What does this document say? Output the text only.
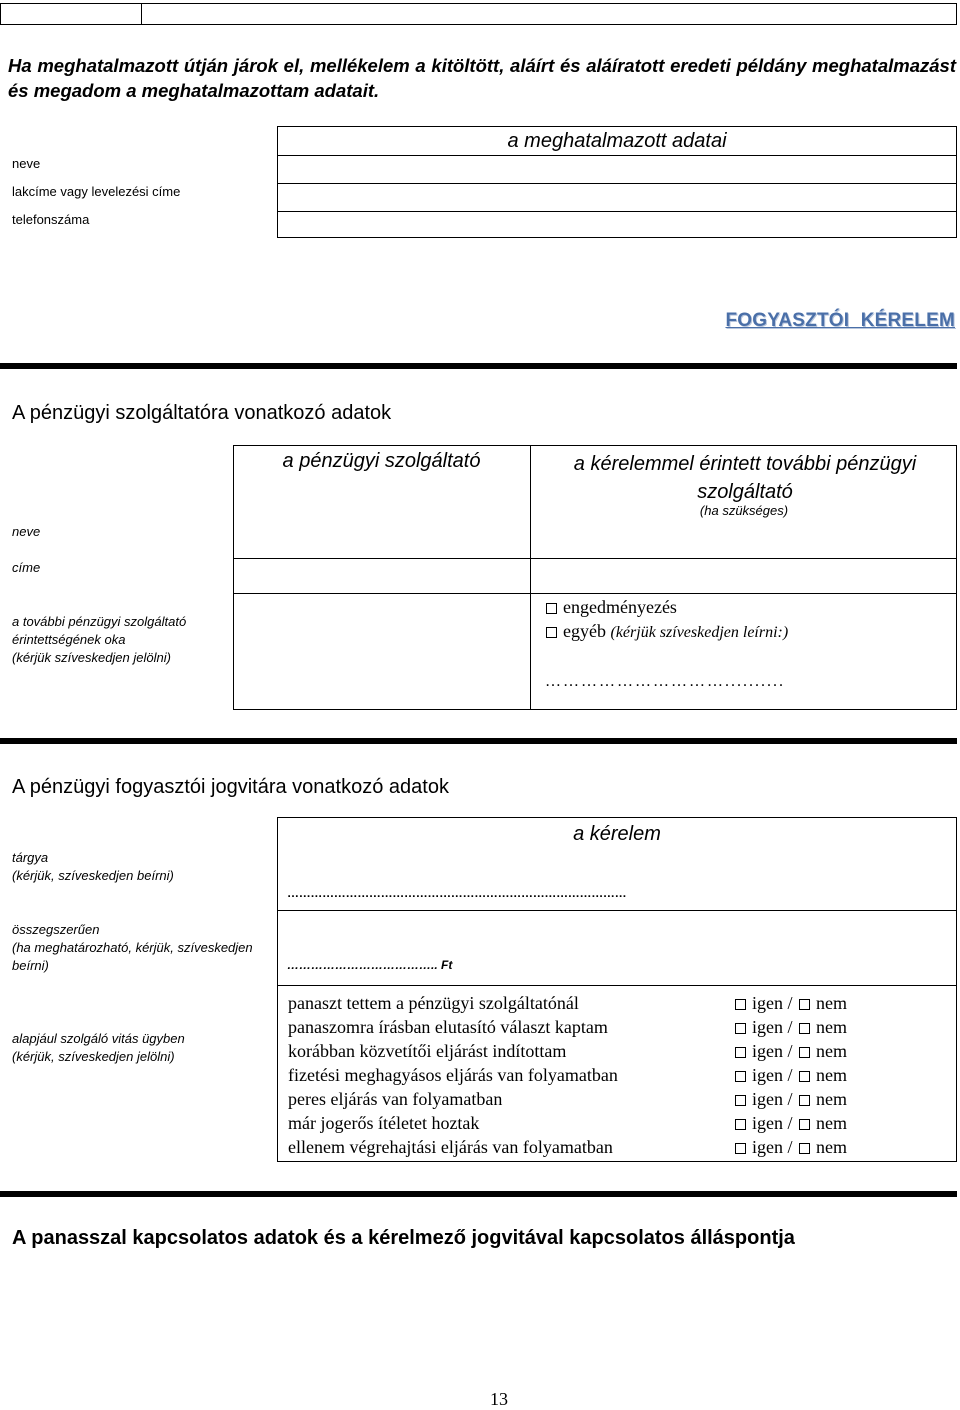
Ha meghatalmazott útján járok el, mellékelem a kitöltött, aláírt és aláíratott eredeti példány meghatalmazást és megadom a meghatalmazottam adatait.
neve
lakcíme vagy levelezési címe
telefonszáma
a meghatalmazott adatai
FOGYASZTÓI KÉRELEM
A pénzügyi szolgáltatóra vonatkozó adatok
a pénzügyi szolgáltató	a kérelemmel érintett további pénzügyi szolgáltató
(ha szükséges)
neve
címe
a további pénzügyi szolgáltató
érintettségének oka
(kérjük szíveskedjen jelölni)
engedményezés
egyéb (kérjük szíveskedjen leírni:)
…………………………..........
A pénzügyi fogyasztói jogvitára vonatkozó adatok
a kérelem
tárgya
(kérjük, szíveskedjen beírni)
……………………………………………………………………………
összegszerűen
(ha meghatározható, kérjük, szíveskedjen
beírni)	……………………………….. Ft
alapjául szolgáló vitás ügyben
(kérjük, szíveskedjen jelölni)
panaszt tettem a pénzügyi szolgáltatónál
panaszomra írásban elutasító választ kaptam
korábban közvetítői eljárást indítottam
fizetési meghagyásos eljárás van folyamatban
peres eljárás van folyamatban
már jogerős ítéletet hoztak
ellenem végrehajtási eljárás van folyamatban
igen / nem
igen / nem
igen / nem
igen / nem
igen / nem
igen / nem
igen / nem
A panasszal kapcsolatos adatok és a kérelmező jogvitával kapcsolatos álláspontja
13
